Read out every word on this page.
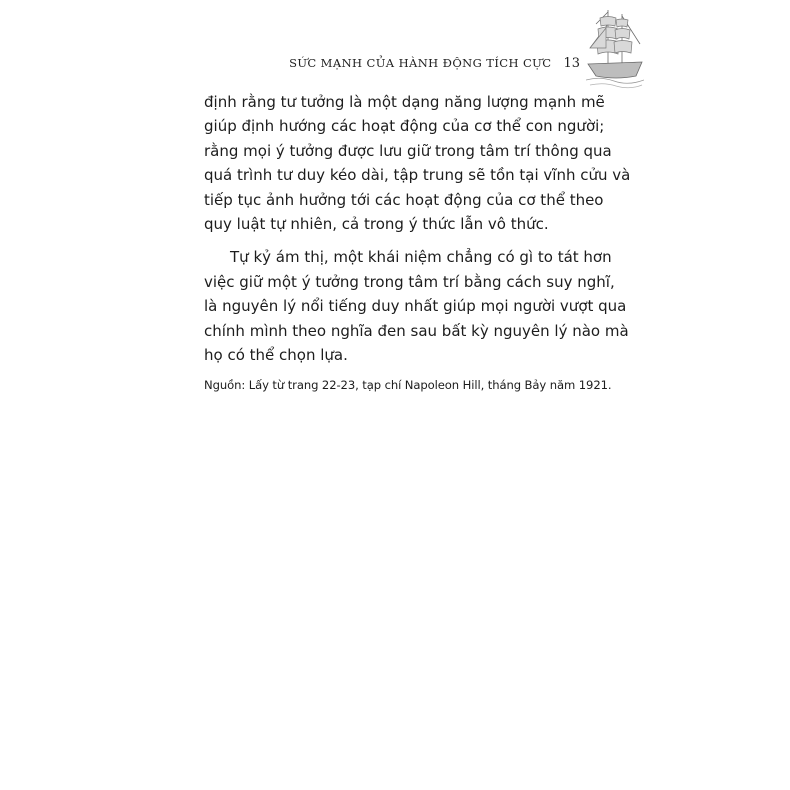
SỨC MẠNH CỦA HÀNH ĐỘNG TÍCH CỰC 13

định rằng tư tưởng là một dạng năng lượng mạnh mẽ
giúp định hướng các hoạt động của cơ thể con người;
rằng mọi ý tưởng được lưu giữ trong tâm trí thông qua
quá trình tư duy kéo dài, tập trung sẽ tồn tại vĩnh cửu và
tiếp tục ảnh hưởng tới các hoạt động của cơ thể theo
quy luật tự nhiên, cả trong ý thức lẫn vô thức.

Tự kỷ ám thị, một khái niệm chẳng có gì to tát hơn
việc giữ một ý tưởng trong tâm trí bằng cách suy nghĩ,
là nguyên lý nổi tiếng duy nhất giúp mọi người vượt qua
chính mình theo nghĩa đen sau bất kỳ nguyên lý nào mà
họ có thể chọn lựa.

Nguồn: Lấy từ trang 22-23, tạp chí Napoleon Hill, tháng Bảy năm 1921.
